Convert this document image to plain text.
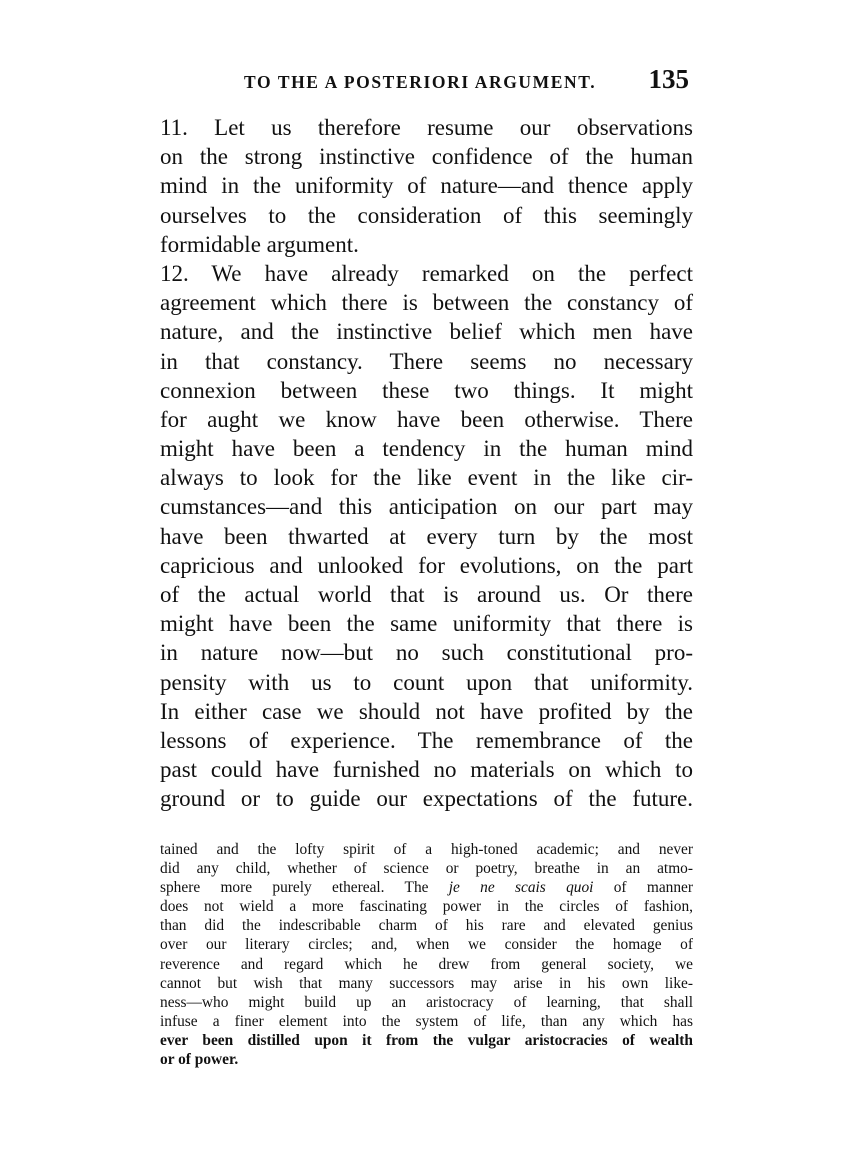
TO THE A POSTERIORI ARGUMENT. 135
11. Let us therefore resume our observations
on the strong instinctive confidence of the human
mind in the uniformity of nature—and thence apply
ourselves to the consideration of this seemingly
formidable argument.
12. We have already remarked on the perfect
agreement which there is between the constancy of
nature, and the instinctive belief which men have
in that constancy. There seems no necessary
connexion between these two things. It might
for aught we know have been otherwise. There
might have been a tendency in the human mind
always to look for the like event in the like cir-
cumstances—and this anticipation on our part may
have been thwarted at every turn by the most
capricious and unlooked for evolutions, on the part
of the actual world that is around us. Or there
might have been the same uniformity that there is
in nature now—but no such constitutional pro-
pensity with us to count upon that uniformity.
In either case we should not have profited by the
lessons of experience. The remembrance of the
past could have furnished no materials on which to
ground or to guide our expectations of the future.
tained and the lofty spirit of a high-toned academic; and never
did any child, whether of science or poetry, breathe in an atmo-
sphere more purely ethereal. The je ne scais quoi of manner
does not wield a more fascinating power in the circles of fashion,
than did the indescribable charm of his rare and elevated genius
over our literary circles; and, when we consider the homage of
reverence and regard which he drew from general society, we
cannot but wish that many successors may arise in his own like-
ness—who might build up an aristocracy of learning, that shall
infuse a finer element into the system of life, than any which has
ever been distilled upon it from the vulgar aristocracies of wealth
or of power.
